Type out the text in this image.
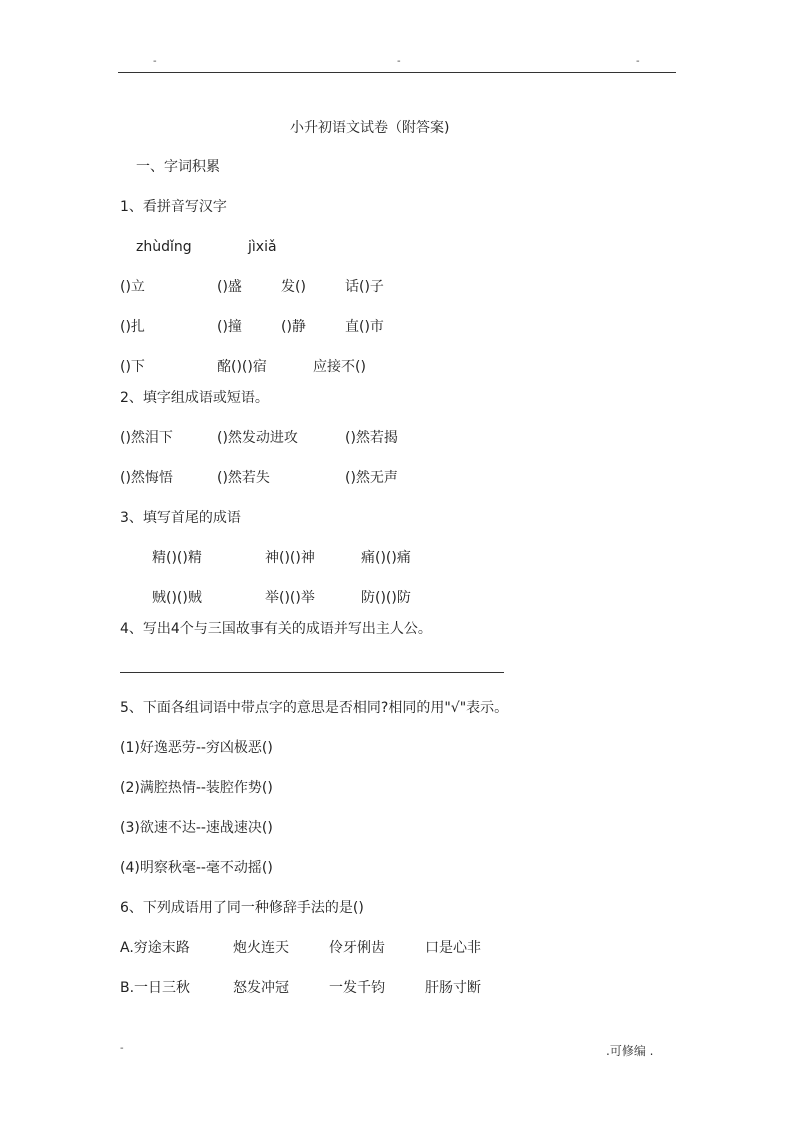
-	-	-
小升初语文试卷（附答案)
一、字词积累
1、看拼音写汉字
zhùdǐng	jìxiǎ
()立	()盛	发()	话()子
()扎	()撞	()静	直()市
()下	酩()()宿	应接不()
2、填字组成语或短语。
()然泪下	()然发动进攻	()然若揭
()然悔悟	()然若失	()然无声
3、填写首尾的成语
精()()精	神()()神	痛()()痛
贼()()贼	举()()举	防()()防
4、写出4个与三国故事有关的成语并写出主人公。
5、下面各组词语中带点字的意思是否相同?相同的用"√"表示。
(1)好逸恶劳--穷凶极恶()
(2)满腔热情--装腔作势()
(3)欲速不达--速战速决()
(4)明察秋毫--毫不动摇()
6、下列成语用了同一种修辞手法的是()
A.穷途末路	炮火连天	伶牙俐齿	口是心非
B.一日三秋	怒发冲冠	一发千钧	肝肠寸断
-	.可修编 .
